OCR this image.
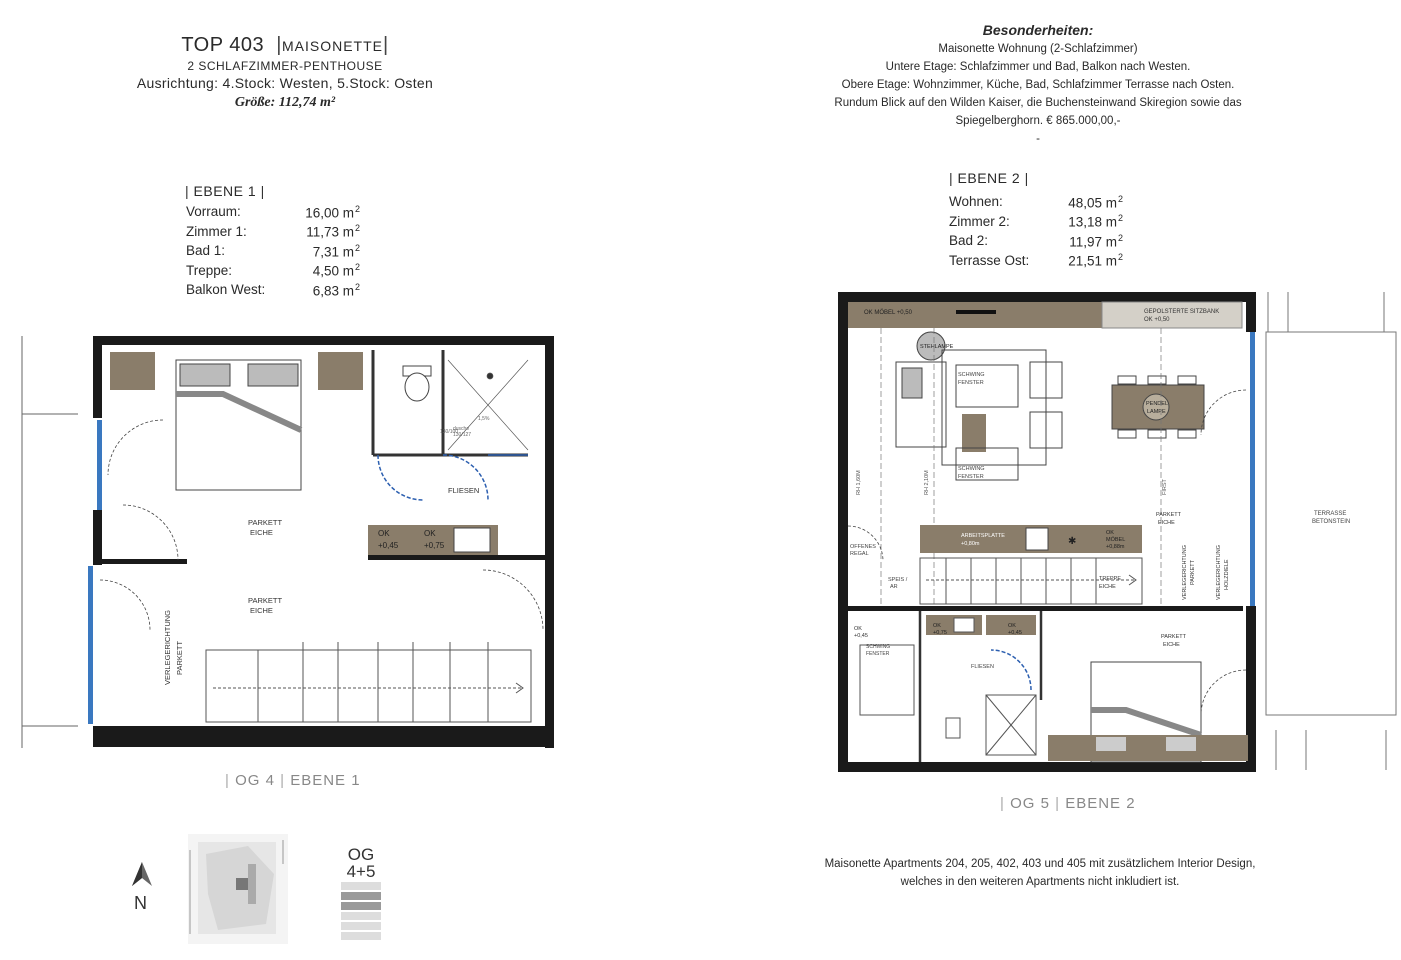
TOP 403  |MAISONETTE|
2 SCHLAFZIMMER-PENTHOUSE
Ausrichtung: 4.Stock: Westen, 5.Stock: Osten
Größe: 112,74 m²
Besonderheiten:
Maisonette Wohnung (2-Schlafzimmer)
Untere Etage: Schlafzimmer und Bad, Balkon nach Westen.
Obere Etage: Wohnzimmer, Küche, Bad, Schlafzimmer Terrasse nach Osten.
Rundum Blick auf den Wilden Kaiser, die Buchensteinwand Skiregion sowie das
Spiegelberghorn. € 865.000,00,-
-
| EBENE 1 |
Vorraum:	16,00 $m^2$
Zimmer 1:	11,73 $m^2$
Bad 1:	7,31 $m^2$
Treppe:	4,50 $m^2$
Balkon West:	6,83 $m^2$
| EBENE 2 |
Wohnen:	48,05 $m^2$
Zimmer 2:	13,18 $m^2$
Bad 2:	11,97 $m^2$
Terrasse Ost:	21,51 $m^2$
130/100
dusche
130/127
1,5%
OK
+0,45
OK
+0,75
PARKETT
EICHE
PARKETT
EICHE
FLIESEN
VERLEGERICHTUNG PARKETT
| OG 4 | EBENE 1
TERRASSE
BETONSTEIN
OK MÖBEL +0,50	GEPOLSTERTE SITZBANK
OK +0,50
STEHLAMPE
SCHWING
FENSTER
SCHWING
FENSTER
PENDEL
LAMPE
RH 1,60M	RH 2,10M	FIRST
✱
ARBEITSPLATTE
+0,80m
OK
MÖBEL
+0,88m
OFFENES
REGAL
SPEIS /
AR
TREPPE
EICHE
PARKETT
EICHE
VERLEGERICHTUNG PARKETT	VERLEGERICHTUNG HOLZDIELE
OK
+0,45
OK
+0,75
OK
+0,45
SCHWING
FENSTER
FLIESEN
PARKETT
EICHE
| OG 5 | EBENE 2
Maisonette Apartments 204, 205, 402, 403 und 405 mit zusätzlichem Interior Design,
welches in den weiteren Apartments nicht inkludiert ist.
N
OG
4+5
